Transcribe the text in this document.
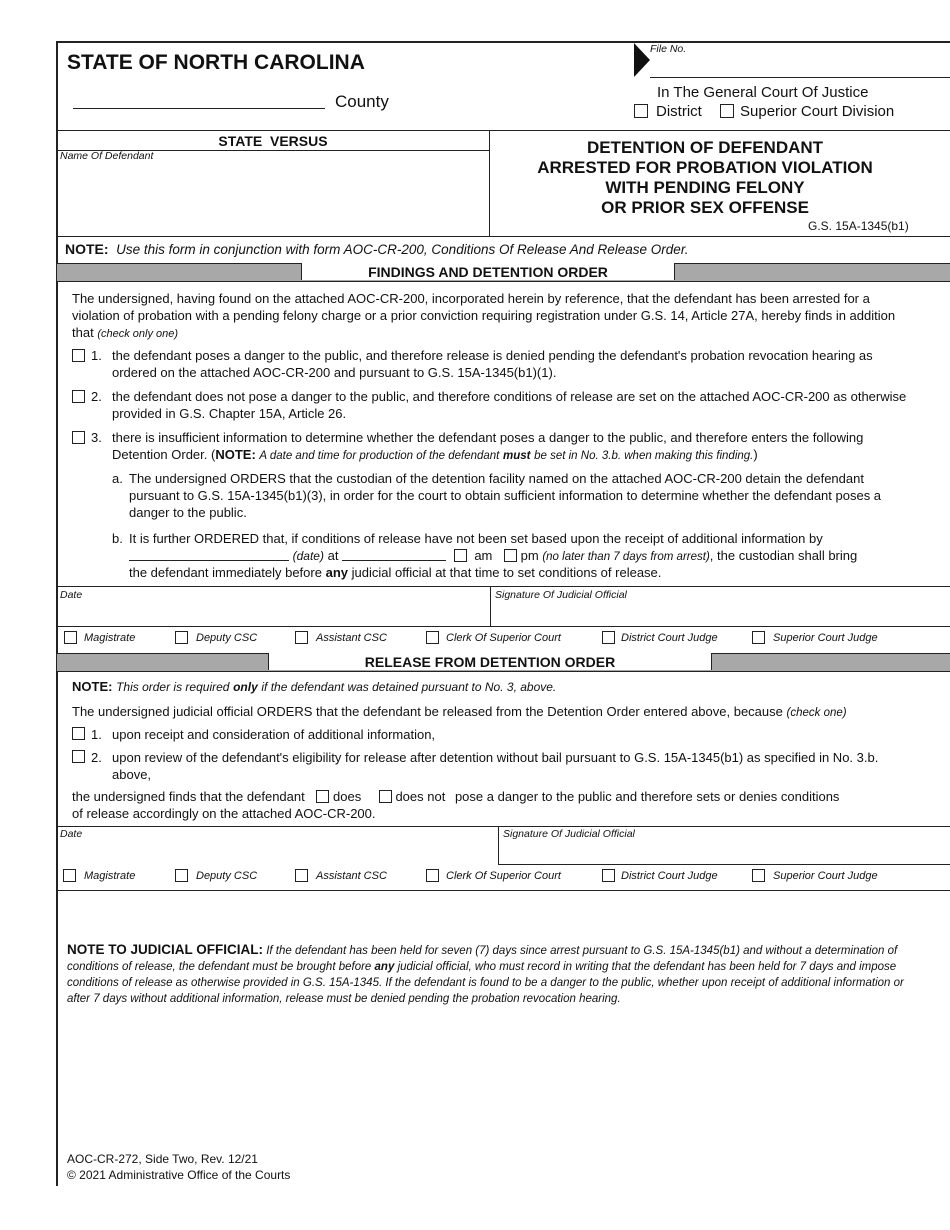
STATE OF NORTH CAROLINA
County
File No.
In The General Court Of Justice
District	Superior Court Division
STATE  VERSUS
Name Of Defendant	DETENTION OF DEFENDANT
ARRESTED FOR PROBATION VIOLATION
WITH PENDING FELONY
OR PRIOR SEX OFFENSE
G.S. 15A-1345(b1)
NOTE: Use this form in conjunction with form AOC-CR-200, Conditions Of Release And Release Order.
FINDINGS AND DETENTION ORDER
The undersigned, having found on the attached AOC-CR-200, incorporated herein by reference, that the defendant has been arrested for a violation of probation with a pending felony charge or a prior conviction requiring registration under G.S. 14, Article 27A, hereby finds in addition that (check only one)
1. the defendant poses a danger to the public, and therefore release is denied pending the defendant's probation revocation hearing as ordered on the attached AOC-CR-200 and pursuant to G.S. 15A-1345(b1)(1).
2. the defendant does not pose a danger to the public, and therefore conditions of release are set on the attached AOC-CR-200 as otherwise provided in G.S. Chapter 15A, Article 26.
3. there is insufficient information to determine whether the defendant poses a danger to the public, and therefore enters the following Detention Order. (NOTE: A date and time for production of the defendant must be set in No. 3.b. when making this finding.)
a. The undersigned ORDERS that the custodian of the detention facility named on the attached AOC-CR-200 detain the defendant pursuant to G.S. 15A-1345(b1)(3), in order for the court to obtain sufficient information to determine whether the defendant poses a danger to the public.
b. It is further ORDERED that, if conditions of release have not been set based upon the receipt of additional information by
(date) at	am pm (no later than 7 days from arrest), the custodian shall bring
the defendant immediately before any judicial official at that time to set conditions of release.
Date	Signature Of Judicial Official
Magistrate	Deputy CSC	Assistant CSC	Clerk Of Superior Court	District Court Judge	Superior Court Judge
RELEASE FROM DETENTION ORDER
NOTE: This order is required only if the defendant was detained pursuant to No. 3, above.
The undersigned judicial official ORDERS that the defendant be released from the Detention Order entered above, because (check one)
1. upon receipt and consideration of additional information,
2. upon review of the defendant's eligibility for release after detention without bail pursuant to G.S. 15A-1345(b1) as specified in No. 3.b. above,
the undersigned finds that the defendant does	does not pose a danger to the public and therefore sets or denies conditions
of release accordingly on the attached AOC-CR-200.
Date	Signature Of Judicial Official
Magistrate	Deputy CSC	Assistant CSC	Clerk Of Superior Court	District Court Judge	Superior Court Judge
NOTE TO JUDICIAL OFFICIAL: If the defendant has been held for seven (7) days since arrest pursuant to G.S. 15A-1345(b1) and without a determination of conditions of release, the defendant must be brought before any judicial official, who must record in writing that the defendant has been held for 7 days and impose conditions of release as otherwise provided in G.S. 15A-1345. If the defendant is found to be a danger to the public, whether upon receipt of additional information or after 7 days without additional information, release must be denied pending the probation revocation hearing.
AOC-CR-272, Side Two, Rev. 12/21
© 2021 Administrative Office of the Courts
